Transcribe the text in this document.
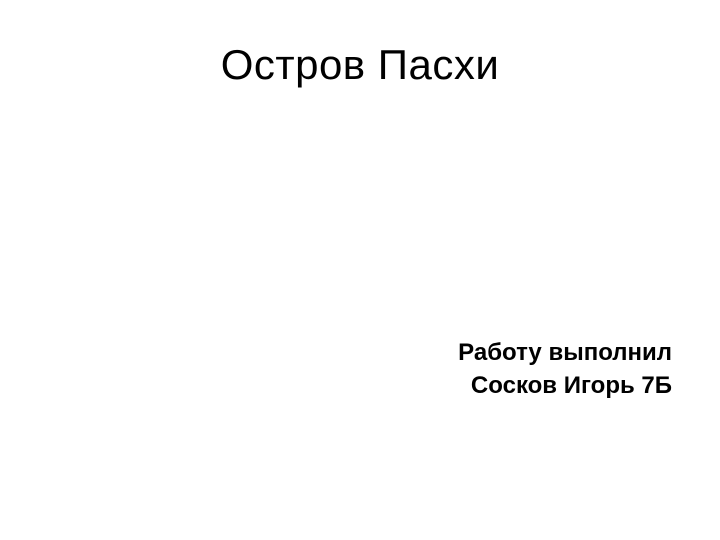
Остров Пасхи
Работу выполнил
Сосков Игорь 7Б
